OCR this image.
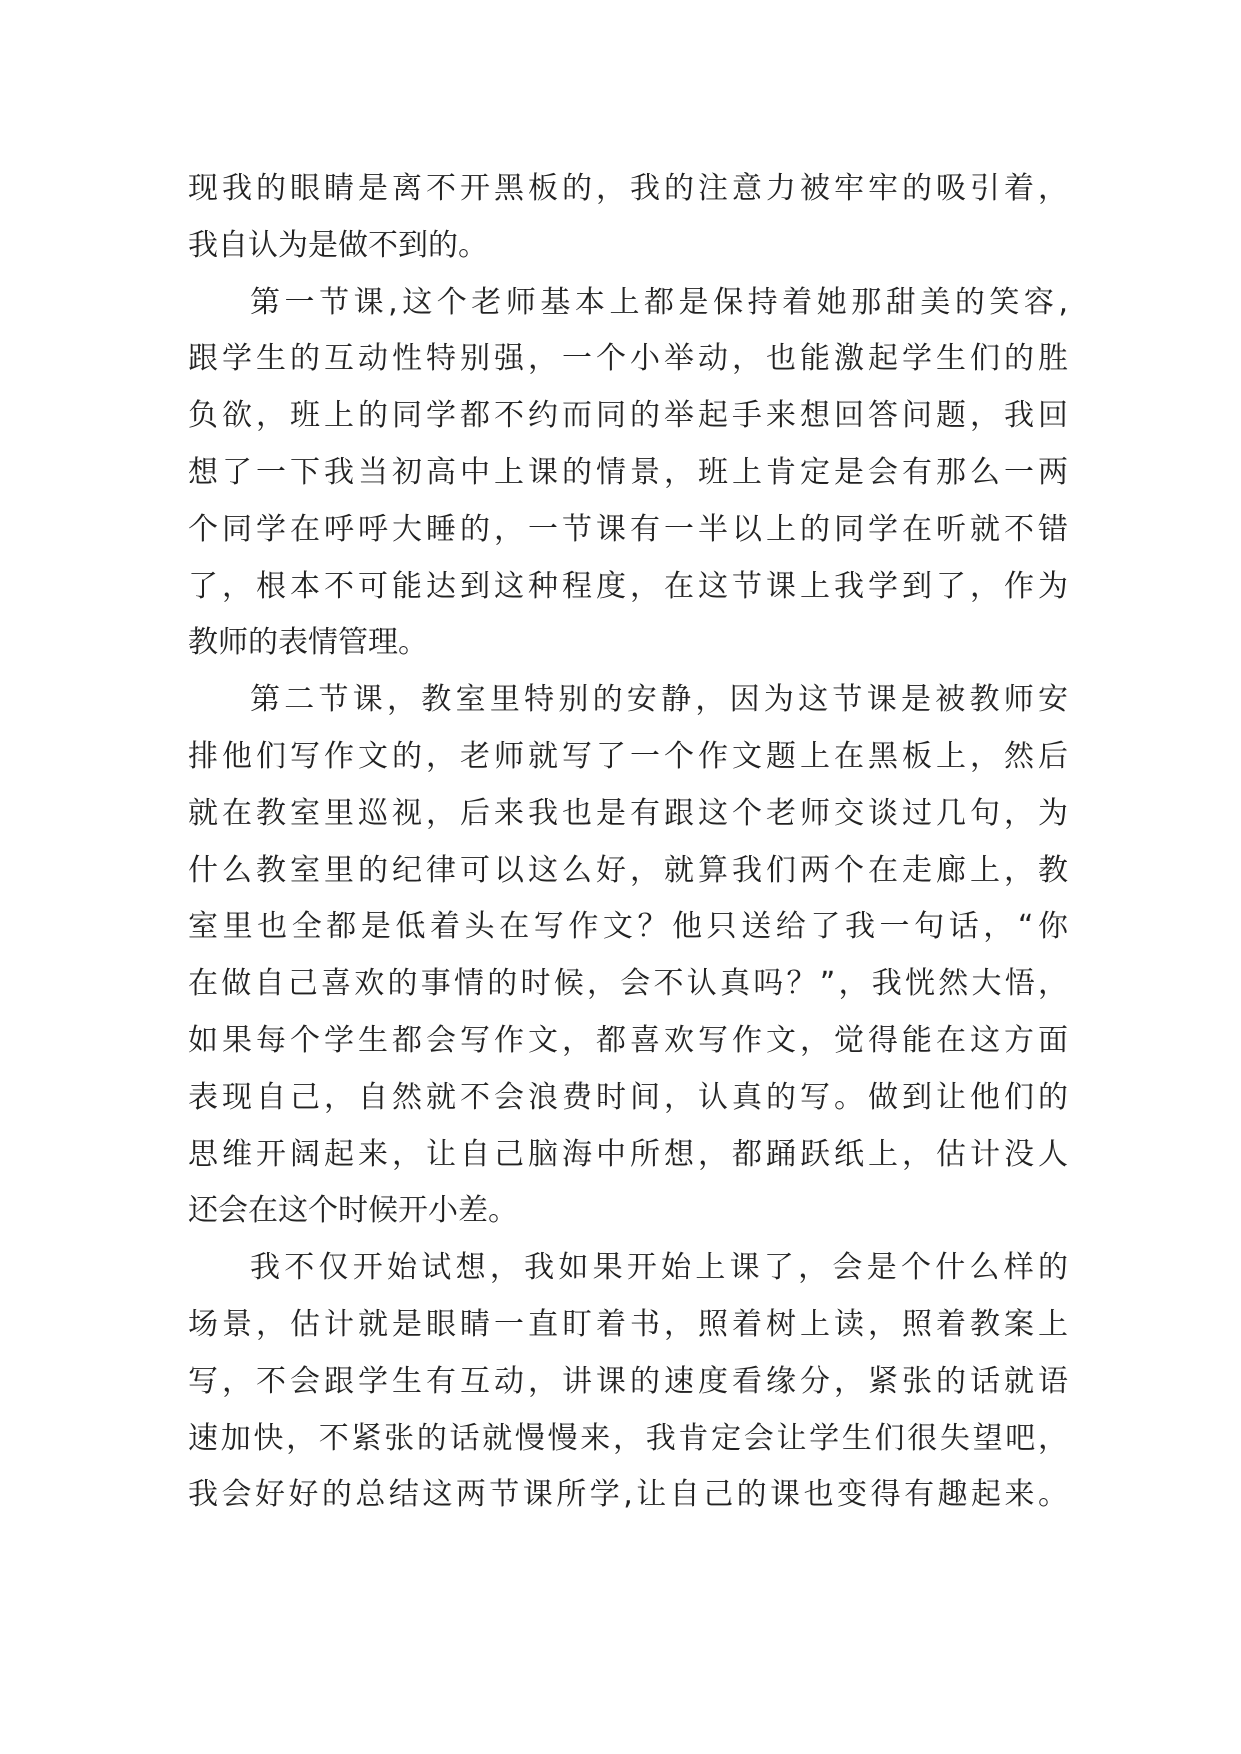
现我的眼睛是离不开黑板的，我的注意力被牢牢的吸引着，
我自认为是做不到的。
第一节课,这个老师基本上都是保持着她那甜美的笑容,
跟学生的互动性特别强，一个小举动，也能激起学生们的胜
负欲，班上的同学都不约而同的举起手来想回答问题，我回
想了一下我当初高中上课的情景，班上肯定是会有那么一两
个同学在呼呼大睡的，一节课有一半以上的同学在听就不错
了，根本不可能达到这种程度，在这节课上我学到了，作为
教师的表情管理。
第二节课，教室里特别的安静，因为这节课是被教师安
排他们写作文的，老师就写了一个作文题上在黑板上，然后
就在教室里巡视，后来我也是有跟这个老师交谈过几句，为
什么教室里的纪律可以这么好，就算我们两个在走廊上，教
室里也全都是低着头在写作文？他只送给了我一句话，“你
在做自己喜欢的事情的时候，会不认真吗？”，我恍然大悟，
如果每个学生都会写作文，都喜欢写作文，觉得能在这方面
表现自己，自然就不会浪费时间，认真的写。做到让他们的
思维开阔起来，让自己脑海中所想，都踊跃纸上，估计没人
还会在这个时候开小差。
我不仅开始试想，我如果开始上课了，会是个什么样的
场景，估计就是眼睛一直盯着书，照着树上读，照着教案上
写，不会跟学生有互动，讲课的速度看缘分，紧张的话就语
速加快，不紧张的话就慢慢来，我肯定会让学生们很失望吧，
我会好好的总结这两节课所学,让自己的课也变得有趣起来。
